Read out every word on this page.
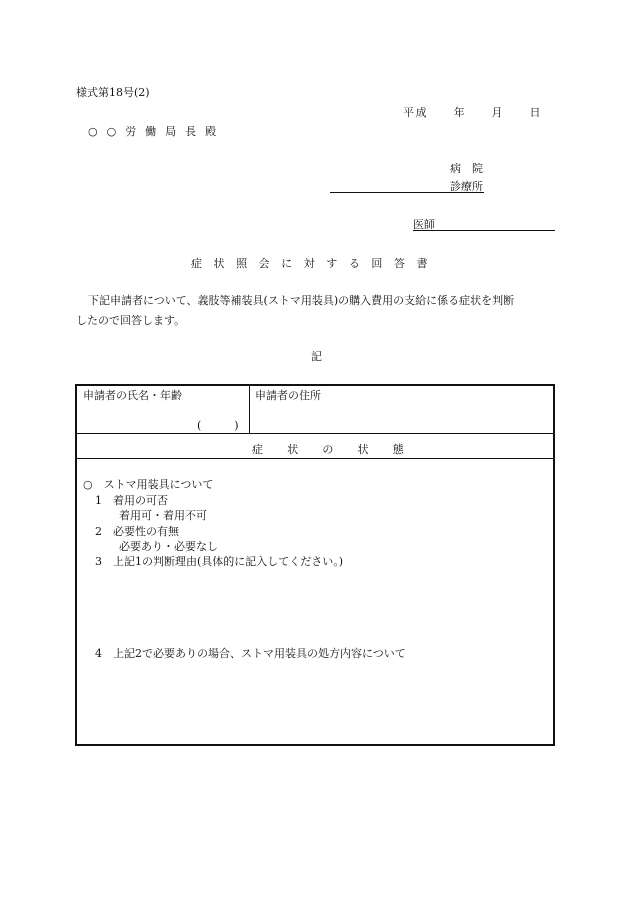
様式第18号(2)
平成　　年　　月　　日
○ ○ 労 働 局 長 殿
病　院
診療所
医師
症状照会に対する回答書
下記申請者について、義肢等補装具(ストマ用装具)の購入費用の支給に係る症状を判断
したので回答します。
記
申請者の氏名・年齢
(　　　)
申請者の住所
症　状　の　状　態
○　ストマ用装具について
1　着用の可否
着用可・着用不可
2　必要性の有無
必要あり・必要なし
3　上記1の判断理由(具体的に記入してください。)
4　上記2で必要ありの場合、ストマ用装具の処方内容について
